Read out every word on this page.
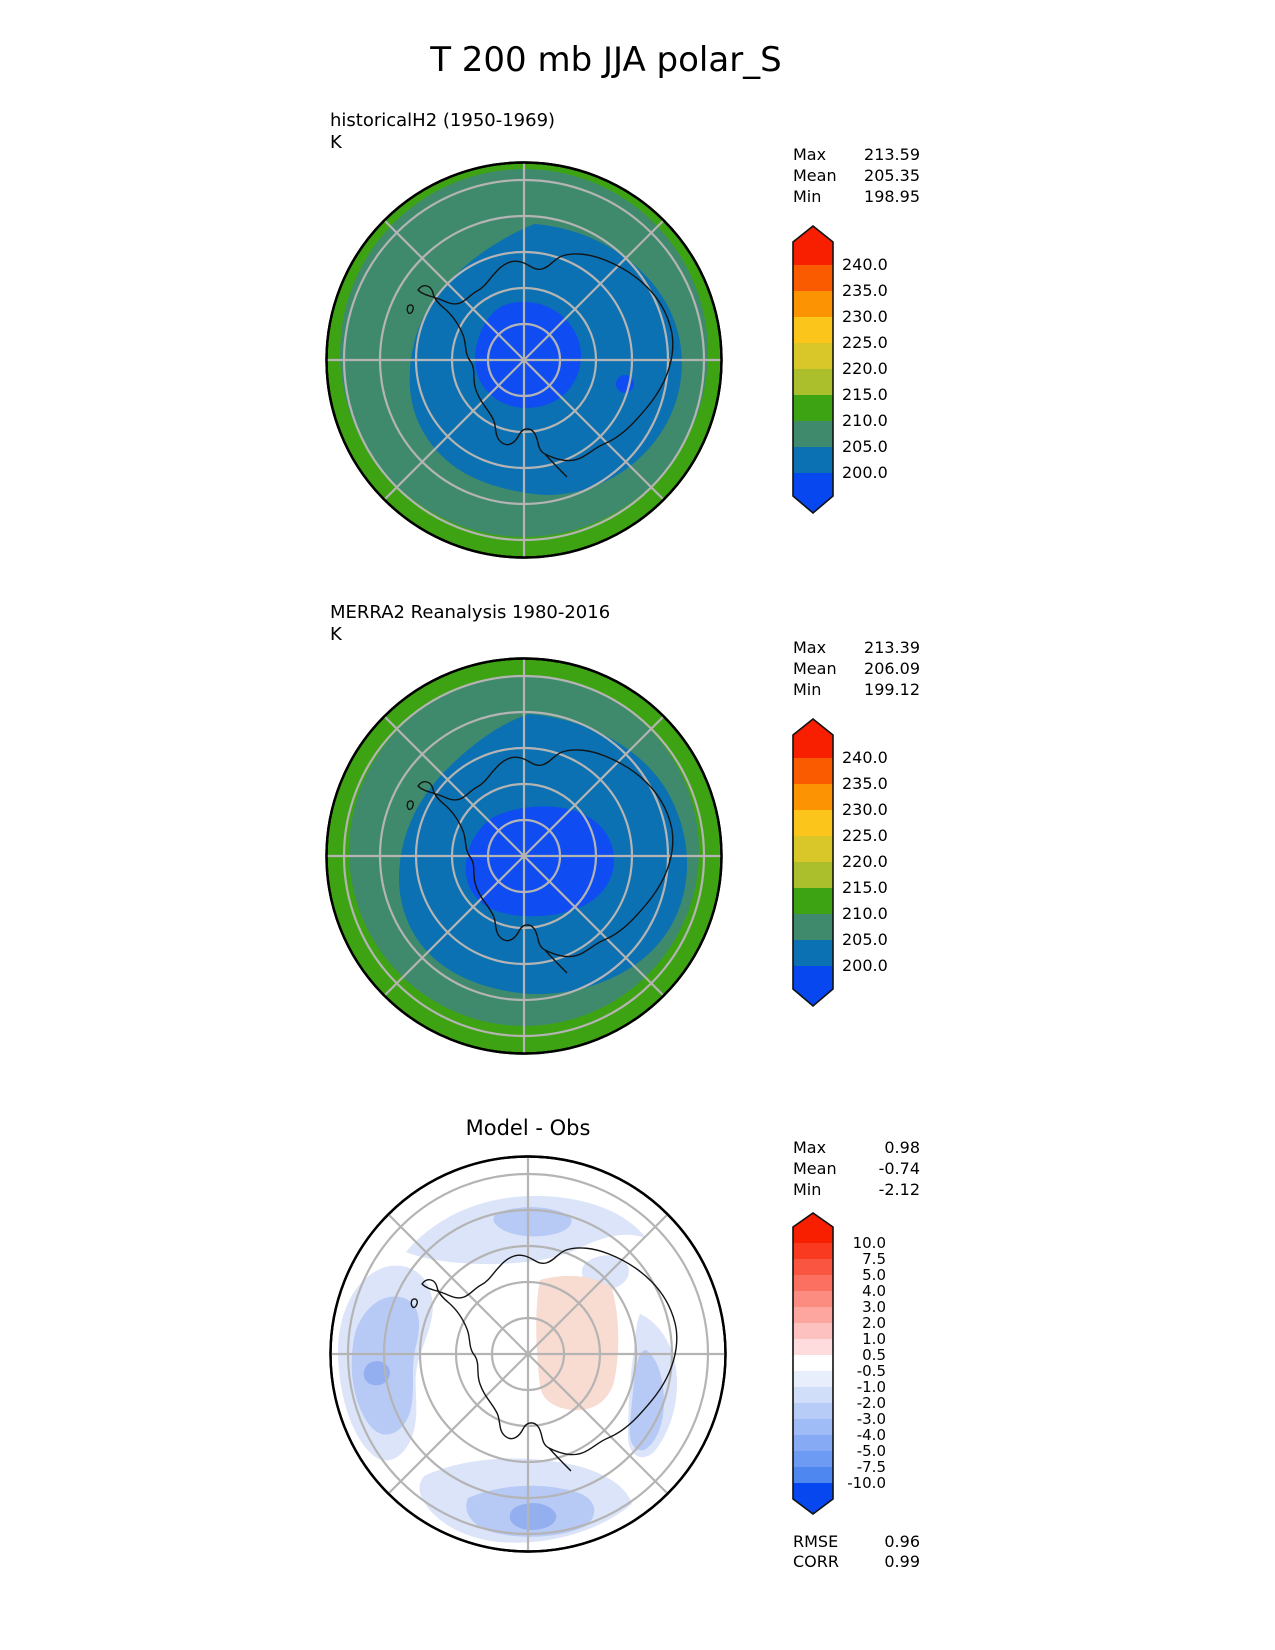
T 200 mb JJA polar_S
historicalH2 (1950-1969)
K
Max 213.59
Mean 205.35
Min	198.95
240.0
235.0
230.0
225.0
220.0
215.0
210.0
205.0
200.0
MERRA2 Reanalysis 1980-2016
K
Max 213.39
Mean 206.09
Min	199.12
240.0
235.0
230.0
225.0
220.0
215.0
210.0
205.0
200.0
Model - Obs
Max	0.98
Mean	-0.74
Min	-2.12
10.0
7.5
5.0
4.0
3.0
2.0
1.0
0.5
-0.5
-1.0
-2.0
-3.0
-4.0
-5.0
-7.5
-10.0
RMSE	0.96
CORR	0.99
